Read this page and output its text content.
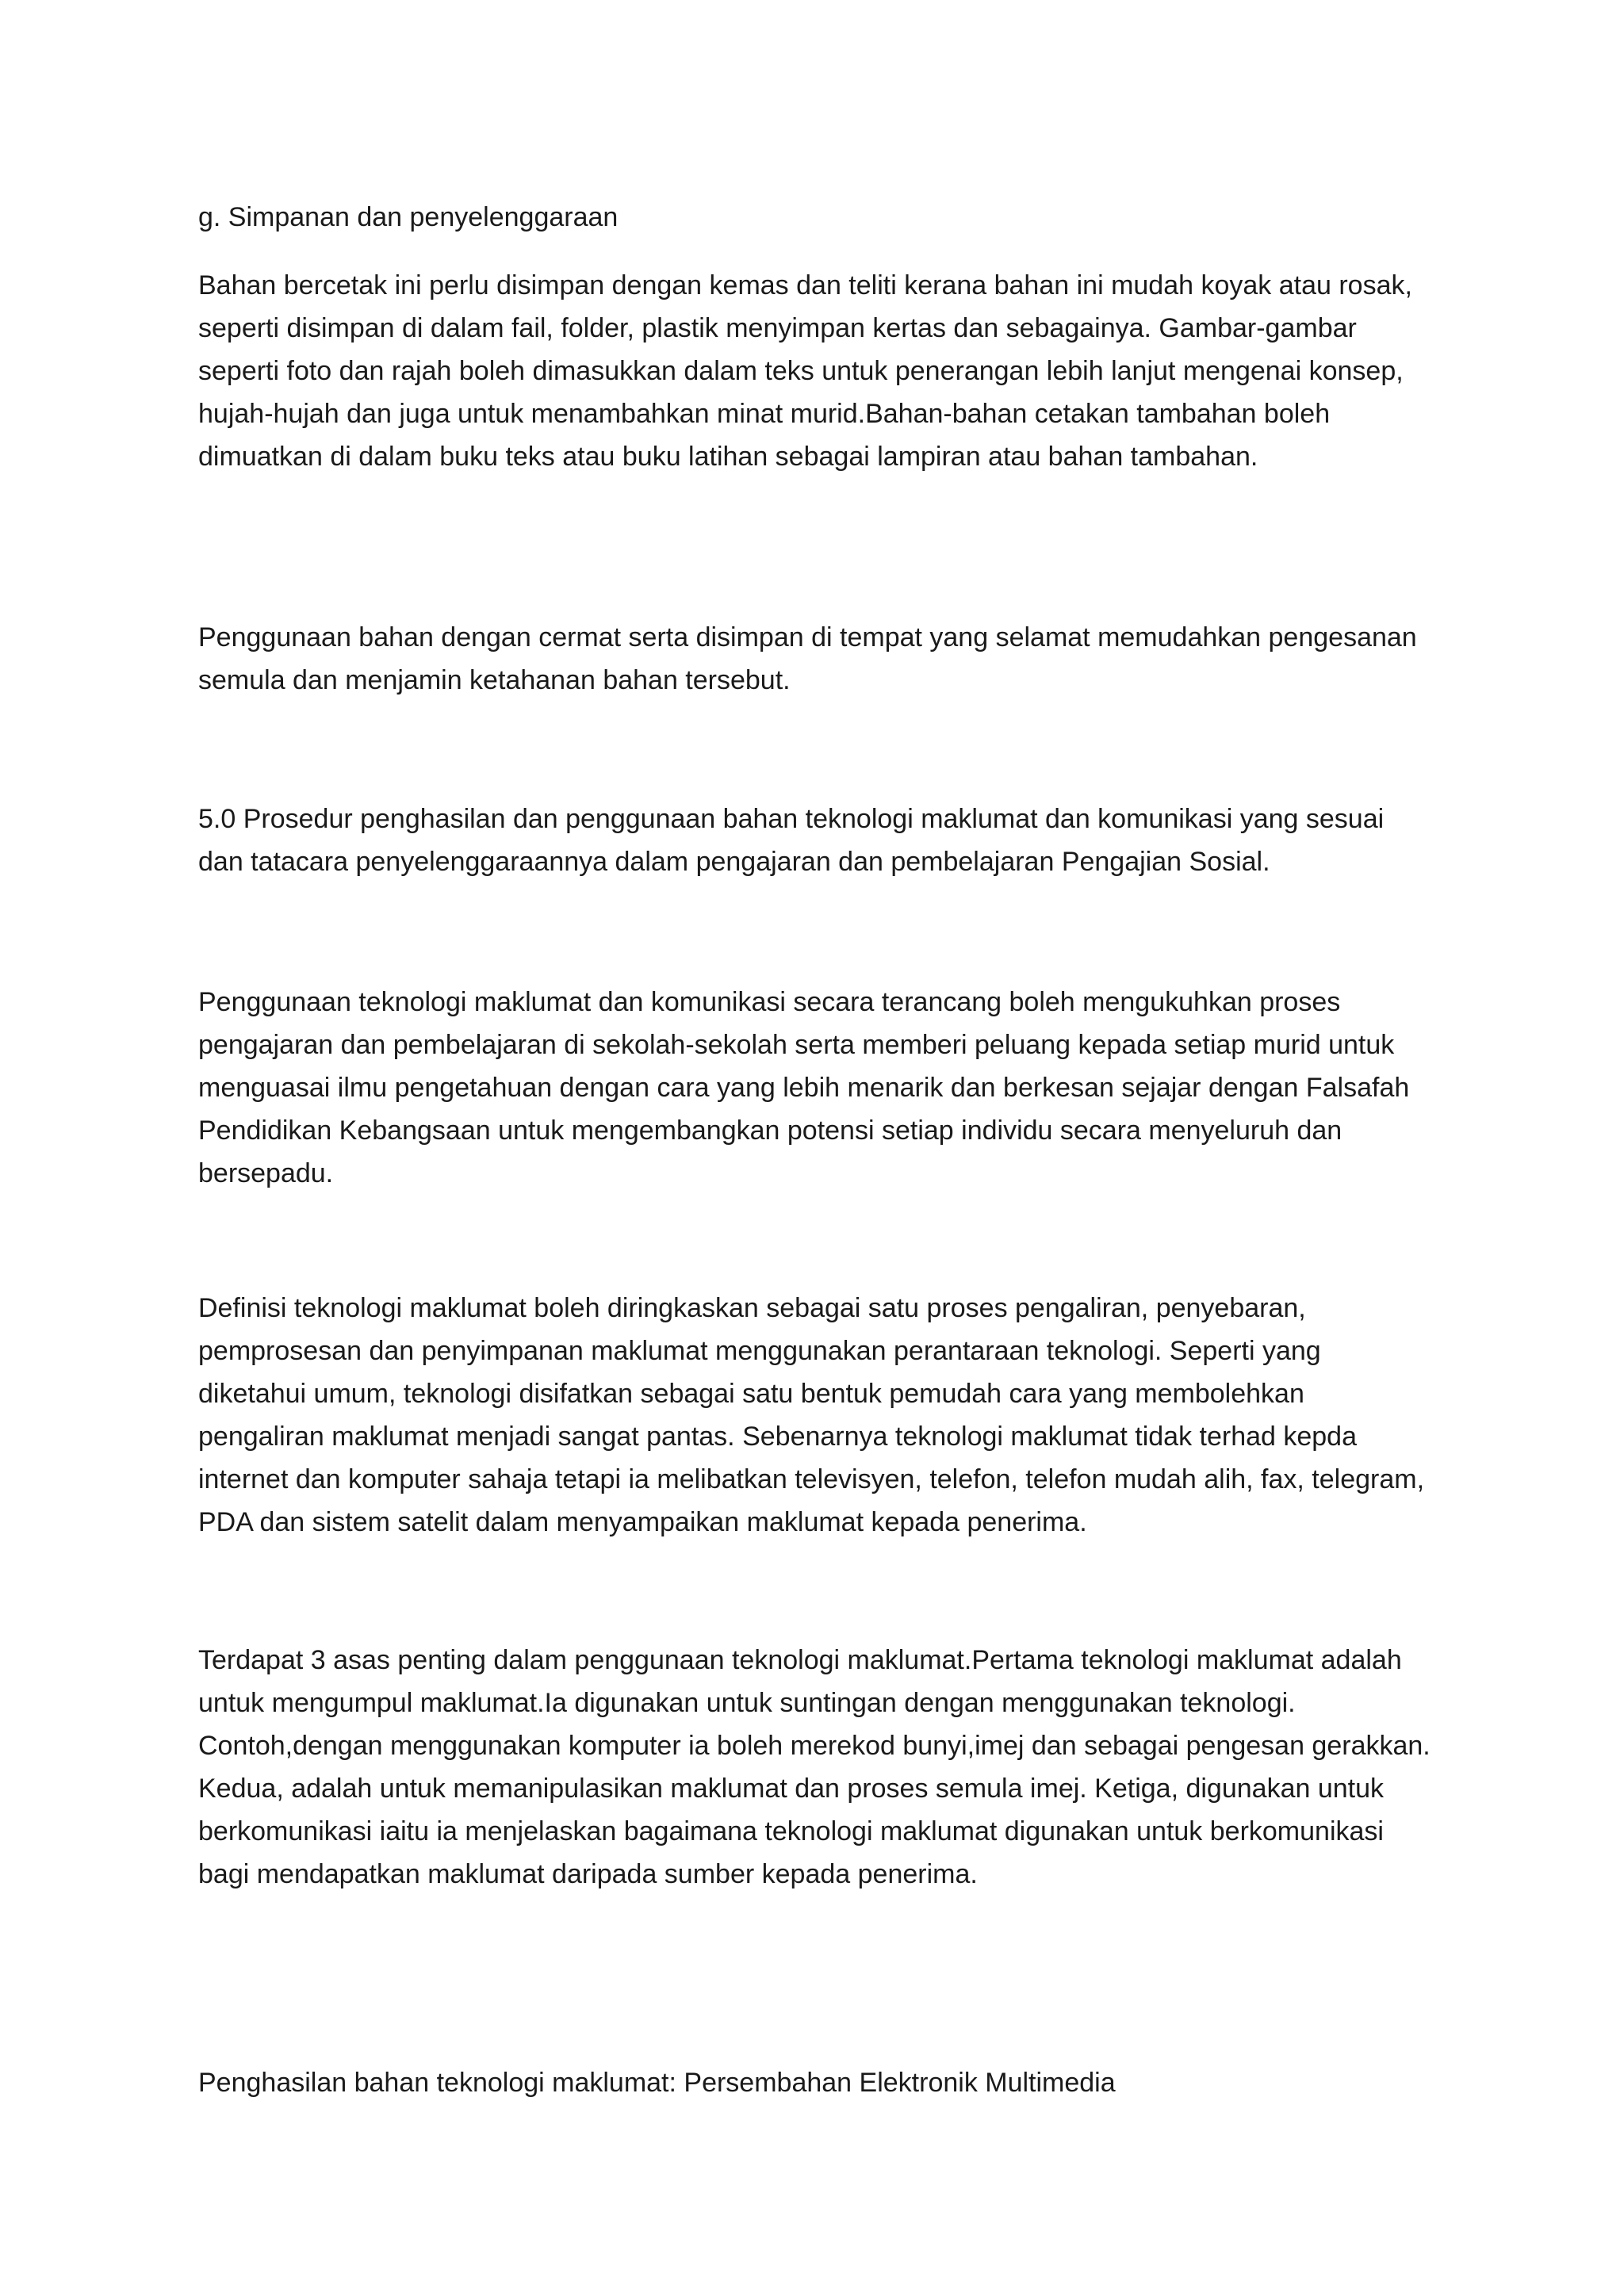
g. Simpanan dan penyelenggaraan

Bahan bercetak ini perlu disimpan dengan kemas dan teliti kerana bahan ini mudah koyak atau rosak, seperti disimpan di dalam fail, folder, plastik menyimpan kertas dan sebagainya. Gambar-gambar seperti foto dan rajah boleh dimasukkan dalam teks untuk penerangan lebih lanjut mengenai konsep, hujah-hujah dan juga untuk menambahkan minat murid.Bahan-bahan cetakan tambahan boleh dimuatkan di dalam buku teks atau buku latihan sebagai lampiran atau bahan tambahan.

Penggunaan bahan dengan cermat serta disimpan di tempat yang selamat memudahkan pengesanan semula dan menjamin ketahanan bahan tersebut.

5.0 Prosedur penghasilan dan penggunaan bahan teknologi maklumat dan komunikasi yang sesuai dan tatacara penyelenggaraannya dalam pengajaran dan pembelajaran Pengajian Sosial.

Penggunaan teknologi maklumat dan komunikasi secara terancang boleh mengukuhkan proses pengajaran dan pembelajaran di sekolah-sekolah serta memberi peluang kepada setiap murid untuk menguasai ilmu pengetahuan dengan cara yang lebih menarik dan berkesan sejajar dengan Falsafah Pendidikan Kebangsaan untuk mengembangkan potensi setiap individu secara menyeluruh dan bersepadu.

Definisi teknologi maklumat boleh diringkaskan sebagai satu proses pengaliran, penyebaran, pemprosesan dan penyimpanan maklumat menggunakan perantaraan teknologi. Seperti yang diketahui umum, teknologi disifatkan sebagai satu bentuk pemudah cara yang membolehkan pengaliran maklumat menjadi sangat pantas. Sebenarnya teknologi maklumat tidak terhad kepda internet dan komputer sahaja tetapi ia melibatkan televisyen, telefon, telefon mudah alih, fax, telegram, PDA dan sistem satelit dalam menyampaikan maklumat kepada penerima.

Terdapat 3 asas penting dalam penggunaan teknologi maklumat.Pertama teknologi maklumat adalah untuk mengumpul maklumat.Ia digunakan untuk suntingan dengan menggunakan teknologi. Contoh,dengan menggunakan komputer ia boleh merekod bunyi,imej dan sebagai pengesan gerakkan. Kedua, adalah untuk memanipulasikan maklumat dan proses semula imej. Ketiga, digunakan untuk berkomunikasi iaitu ia menjelaskan bagaimana teknologi maklumat digunakan untuk berkomunikasi bagi mendapatkan maklumat daripada sumber kepada penerima.

Penghasilan bahan teknologi maklumat: Persembahan Elektronik Multimedia
